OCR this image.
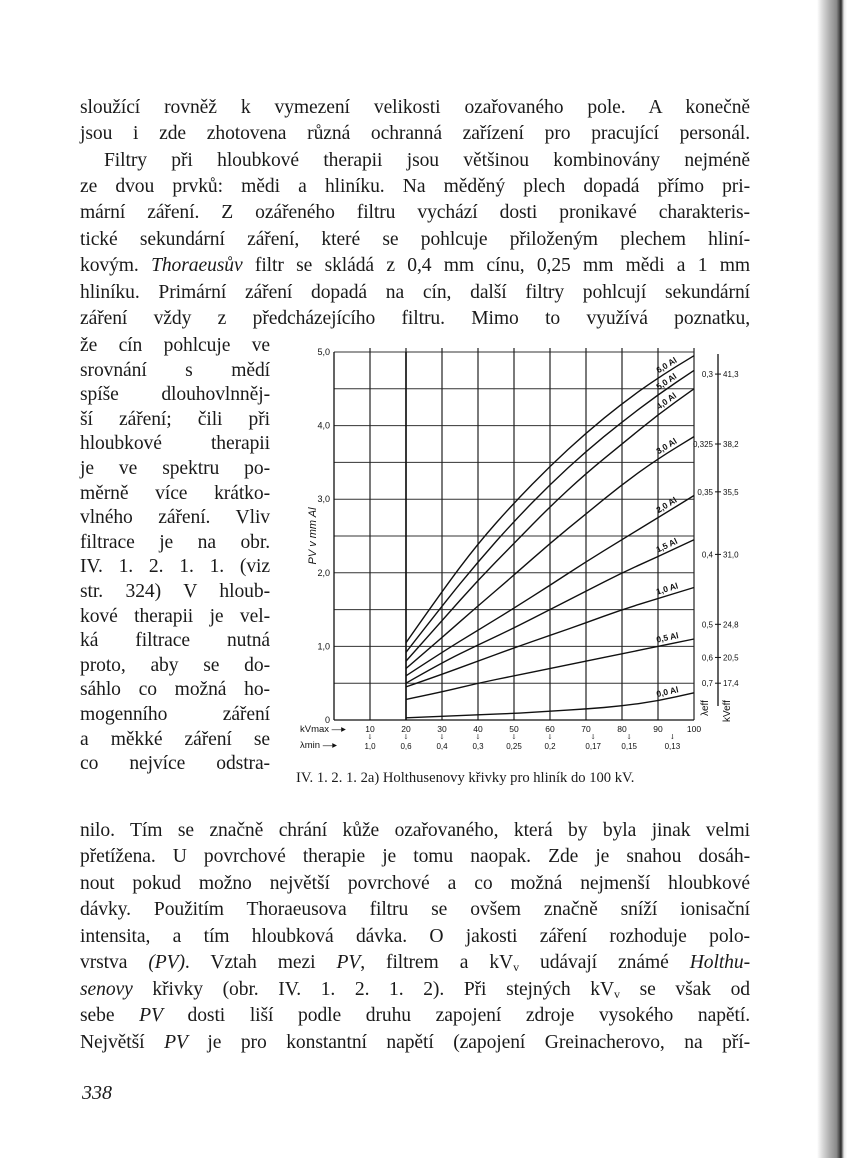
sloužící rovněž k vymezení velikosti ozařovaného pole. A konečně
jsou i zde zhotovena různá ochranná zařízení pro pracující personál.
Filtry při hloubkové therapii jsou většinou kombinovány nejméně
ze dvou prvků: mědi a hliníku. Na měděný plech dopadá přímo pri-
mární záření. Z ozářeného filtru vychází dosti pronikavé charakteris-
tické sekundární záření, které se pohlcuje přiloženým plechem hliní-
kovým. Thoraeusův filtr se skládá z 0,4 mm cínu, 0,25 mm mědi a 1 mm
hliníku. Primární záření dopadá na cín, další filtry pohlcují sekundární
záření vždy z předcházejícího filtru. Mimo to využívá poznatku,
že cín pohlcuje ve
srovnání s mědí
spíše dlouhovlnněj-
ší záření; čili při
hloubkové therapii
je ve spektru po-
měrně více krátko-
vlného záření. Vliv
filtrace je na obr.
IV. 1. 2. 1. 1. (viz
str. 324) V hloub-
kové therapii je vel-
ká filtrace nutná
proto, aby se do-
sáhlo co možná ho-
mogenního záření
a měkké záření se
co nejvíce odstra-
0
1,0
2,0
3,0
4,0
5,0
PV v mm Al
kVmax —▸
λmin —▸
10	20	30	40	50	60	70	80	90	100
↓
1,0
↓
0,6
↓
0,4
↓
0,3
↓
0,25
↓
0,2
↓
0,17
↓
0,15
↓
0,13
6,0 Al
5,0 Al
4,0 Al
3,0 Al
2,0 Al
1,5 Al
1,0 Al
0,5 Al
0,0 Al
0,3 41,3
0,325 38,2
0,35 35,5
0,4 31,0
0,5 24,8
0,6 20,5
0,7 17,4
λeff kVeff
IV. 1. 2. 1. 2a) Holthusenovy křivky pro hliník do 100 kV.
nilo. Tím se značně chrání kůže ozařovaného, která by byla jinak velmi
přetížena. U povrchové therapie je tomu naopak. Zde je snahou dosáh-
nout pokud možno největší povrchové a co možná nejmenší hloubkové
dávky. Použitím Thoraeusova filtru se ovšem značně sníží ionisační
intensita, a tím hloubková dávka. O jakosti záření rozhoduje polo-
vrstva (PV). Vztah mezi PV, filtrem a $kV_v$ udávají známé Holthu-
senovy křivky (obr. IV. 1. 2. 1. 2). Při stejných $kV_v$ se však od
sebe PV dosti liší podle druhu zapojení zdroje vysokého napětí.
Největší PV je pro konstantní napětí (zapojení Greinacherovo, na pří-
338
